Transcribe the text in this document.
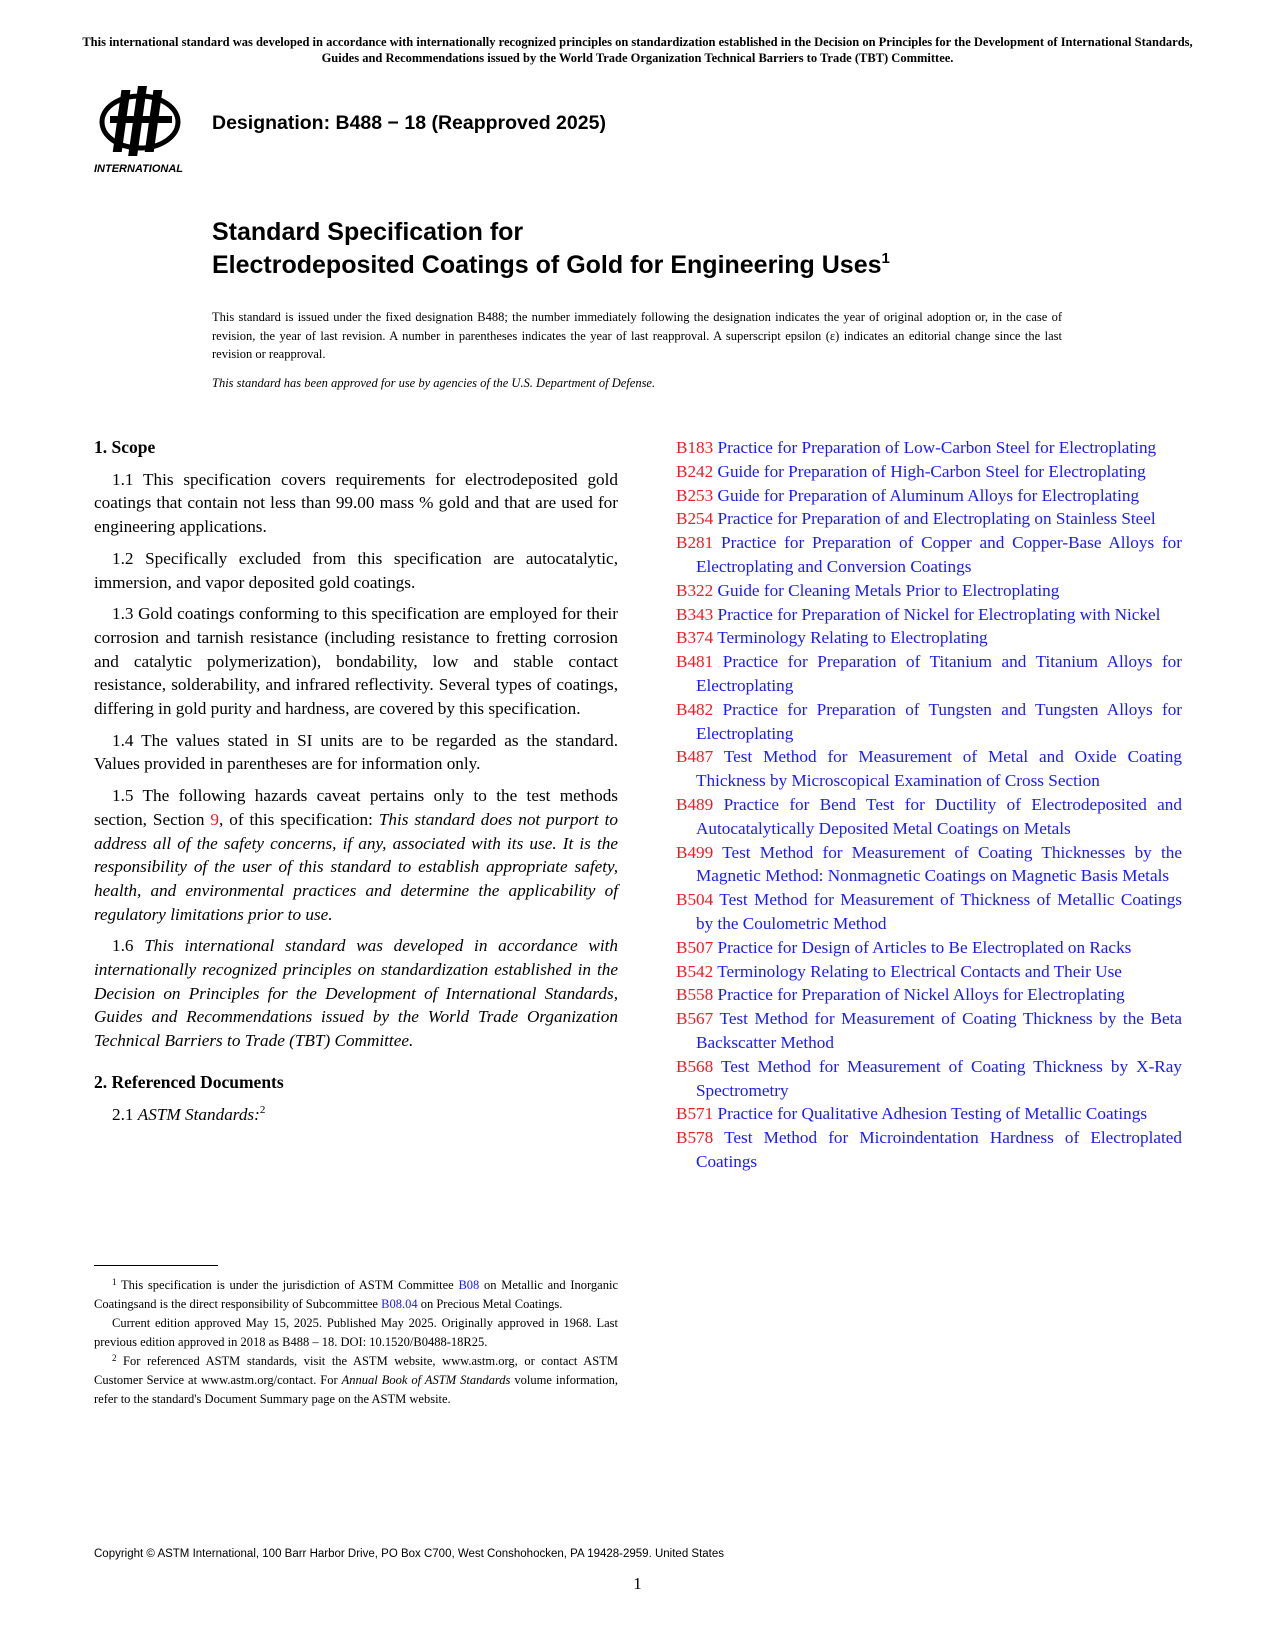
This international standard was developed in accordance with internationally recognized principles on standardization established in the Decision on Principles for the Development of International Standards, Guides and Recommendations issued by the World Trade Organization Technical Barriers to Trade (TBT) Committee.
INTERNATIONAL
Designation: B488 − 18 (Reapproved 2025)
Standard Specification for
Electrodeposited Coatings of Gold for Engineering Uses$^1$
This standard is issued under the fixed designation B488; the number immediately following the designation indicates the year of original adoption or, in the case of revision, the year of last revision. A number in parentheses indicates the year of last reapproval. A superscript epsilon (ε) indicates an editorial change since the last revision or reapproval.
This standard has been approved for use by agencies of the U.S. Department of Defense.
1. Scope

1.1 This specification covers requirements for electrodeposited gold coatings that contain not less than 99.00 mass % gold and that are used for engineering applications.

1.2 Specifically excluded from this specification are autocatalytic, immersion, and vapor deposited gold coatings.

1.3 Gold coatings conforming to this specification are employed for their corrosion and tarnish resistance (including resistance to fretting corrosion and catalytic polymerization), bondability, low and stable contact resistance, solderability, and infrared reflectivity. Several types of coatings, differing in gold purity and hardness, are covered by this specification.

1.4 The values stated in SI units are to be regarded as the standard. Values provided in parentheses are for information only.

1.5 The following hazards caveat pertains only to the test methods section, Section 9, of this specification: This standard does not purport to address all of the safety concerns, if any, associated with its use. It is the responsibility of the user of this standard to establish appropriate safety, health, and environmental practices and determine the applicability of regulatory limitations prior to use.

1.6 This international standard was developed in accordance with internationally recognized principles on standardization established in the Decision on Principles for the Development of International Standards, Guides and Recommendations issued by the World Trade Organization Technical Barriers to Trade (TBT) Committee.

2. Referenced Documents
2.1 ASTM Standards:$^2$

$^1$ This specification is under the jurisdiction of ASTM Committee B08 on Metallic and Inorganic Coatingsand is the direct responsibility of Subcommittee B08.04 on Precious Metal Coatings.

Current edition approved May 15, 2025. Published May 2025. Originally approved in 1968. Last previous edition approved in 2018 as B488 – 18. DOI: 10.1520/B0488-18R25.

$^2$ For referenced ASTM standards, visit the ASTM website, www.astm.org, or contact ASTM Customer Service at www.astm.org/contact. For Annual Book of ASTM Standards volume information, refer to the standard's Document Summary page on the ASTM website.

B183 Practice for Preparation of Low-Carbon Steel for Electroplating
B242 Guide for Preparation of High-Carbon Steel for Electroplating
B253 Guide for Preparation of Aluminum Alloys for Electroplating
B254 Practice for Preparation of and Electroplating on Stainless Steel
B281 Practice for Preparation of Copper and Copper-Base Alloys for Electroplating and Conversion Coatings
B322 Guide for Cleaning Metals Prior to Electroplating
B343 Practice for Preparation of Nickel for Electroplating with Nickel
B374 Terminology Relating to Electroplating
B481 Practice for Preparation of Titanium and Titanium Alloys for Electroplating
B482 Practice for Preparation of Tungsten and Tungsten Alloys for Electroplating
B487 Test Method for Measurement of Metal and Oxide Coating Thickness by Microscopical Examination of Cross Section
B489 Practice for Bend Test for Ductility of Electrodeposited and Autocatalytically Deposited Metal Coatings on Metals
B499 Test Method for Measurement of Coating Thicknesses by the Magnetic Method: Nonmagnetic Coatings on Magnetic Basis Metals
B504 Test Method for Measurement of Thickness of Metallic Coatings by the Coulometric Method
B507 Practice for Design of Articles to Be Electroplated on Racks
B542 Terminology Relating to Electrical Contacts and Their Use
B558 Practice for Preparation of Nickel Alloys for Electroplating
B567 Test Method for Measurement of Coating Thickness by the Beta Backscatter Method
B568 Test Method for Measurement of Coating Thickness by X-Ray Spectrometry
B571 Practice for Qualitative Adhesion Testing of Metallic Coatings
B578 Test Method for Microindentation Hardness of Electroplated Coatings
Copyright © ASTM International, 100 Barr Harbor Drive, PO Box C700, West Conshohocken, PA 19428-2959. United States
1
